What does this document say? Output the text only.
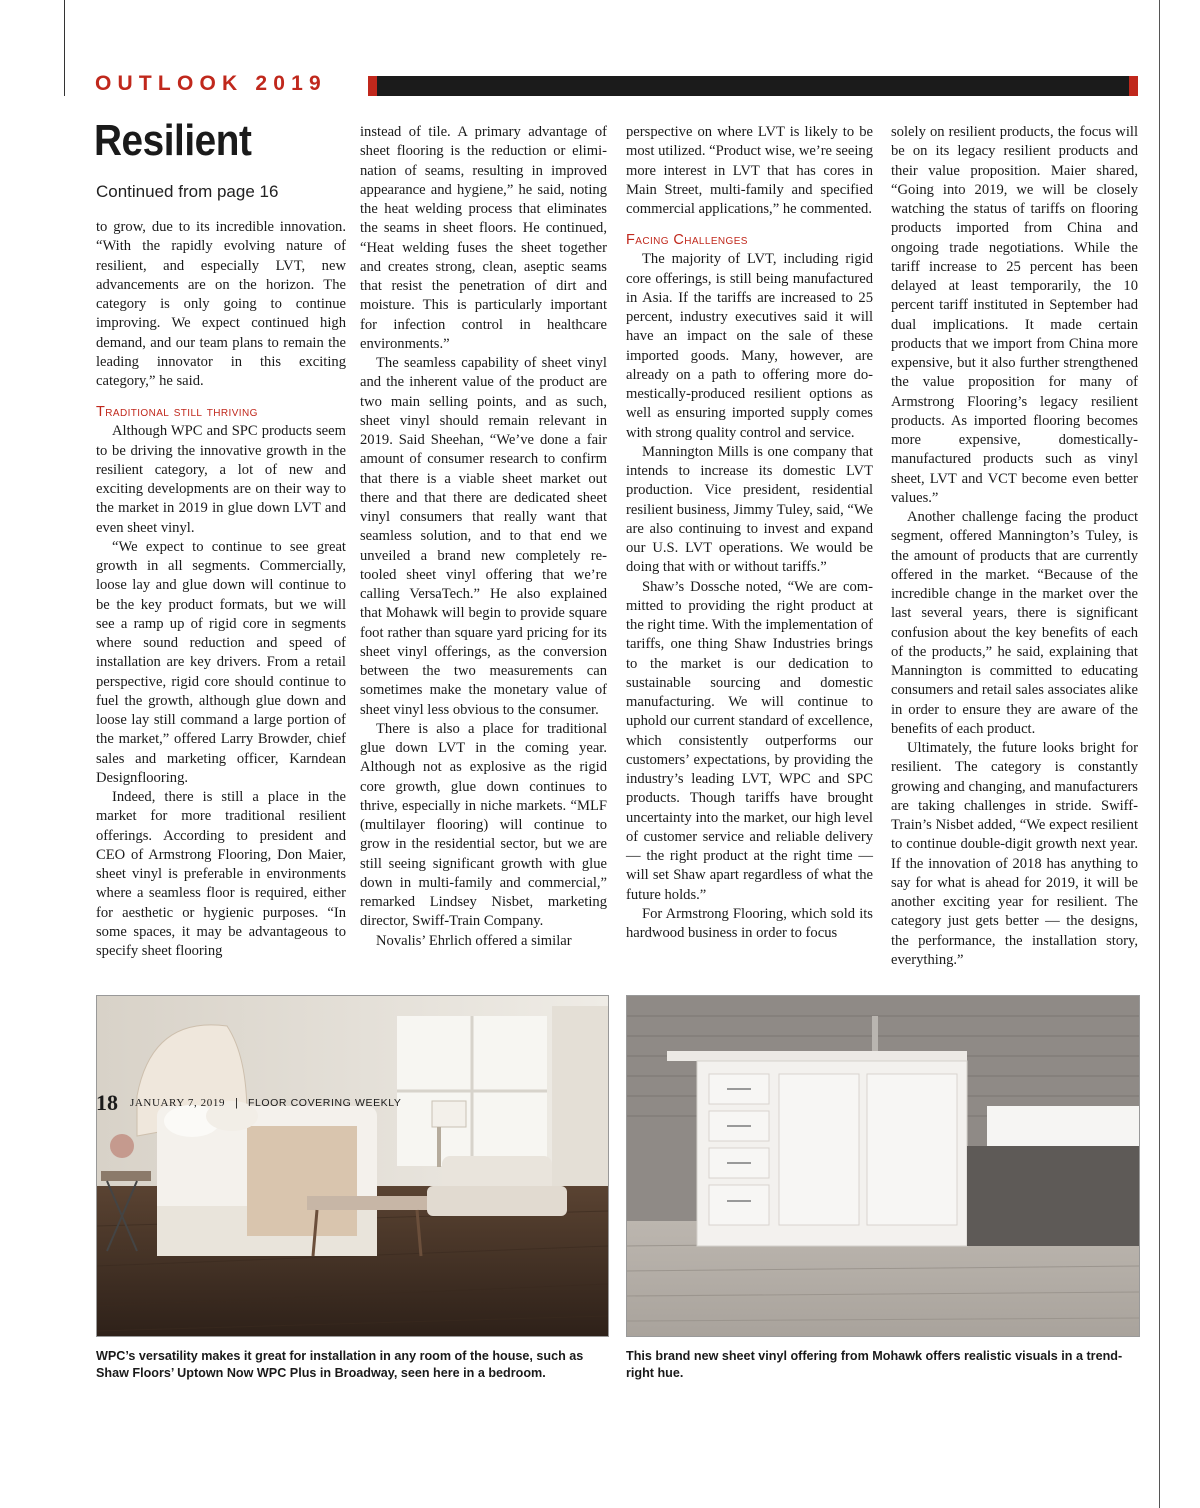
OUTLOOK 2019
Resilient
Continued from page 16

to grow, due to its incredible innovation. “With the rapidly evolving nature of resilient, and especially LVT, new advancements are on the horizon. The category is only going to continue improving. We expect continued high demand, and our team plans to remain the leading innovator in this exciting category,” he said.

Traditional still thriving

Although WPC and SPC products seem to be driving the innovative growth in the resilient category, a lot of new and exciting developments are on their way to the market in 2019 in glue down LVT and even sheet vinyl.

“We expect to continue to see great growth in all segments. Commercially, loose lay and glue down will continue to be the key product formats, but we will see a ramp up of rigid core in segments where sound reduction and speed of installation are key drivers. From a retail perspective, rigid core should continue to fuel the growth, although glue down and loose lay still command a large portion of the market,” offered Larry Browder, chief sales and marketing officer, Karndean Designflooring.

Indeed, there is still a place in the market for more traditional resilient offerings. According to president and CEO of Armstrong Flooring, Don Maier, sheet vinyl is preferable in environments where a seamless floor is required, either for aesthetic or hygienic purposes. “In some spaces, it may be advantageous to specify sheet flooring

instead of tile. A primary advantage of sheet flooring is the reduction or elimination of seams, resulting in improved appearance and hygiene,” he said, noting the heat welding process that eliminates the seams in sheet floors. He continued, “Heat welding fuses the sheet together and creates strong, clean, aseptic seams that resist the penetration of dirt and moisture. This is particularly important for infection control in healthcare environments.”

The seamless capability of sheet vinyl and the inherent value of the product are two main selling points, and as such, sheet vinyl should remain relevant in 2019. Said Sheehan, “We’ve done a fair amount of consumer research to confirm that there is a viable sheet market out there and that there are dedicated sheet vinyl consumers that really want that seamless solution, and to that end we unveiled a brand new completely re-tooled sheet vinyl offering that we’re calling VersaTech.” He also explained that Mohawk will begin to provide square foot rather than square yard pricing for its sheet vinyl offerings, as the conversion between the two measurements can sometimes make the monetary value of sheet vinyl less obvious to the consumer.

There is also a place for traditional glue down LVT in the coming year. Although not as explosive as the rigid core growth, glue down continues to thrive, especially in niche markets. “MLF (multilayer flooring) will continue to grow in the residential sector, but we are still seeing significant growth with glue down in multi-family and commercial,” remarked Lindsey Nisbet, marketing director, Swiff-Train Company.

Novalis’ Ehrlich offered a similar

perspective on where LVT is likely to be most utilized. “Product wise, we’re seeing more interest in LVT that has cores in Main Street, multi-family and specified commercial applications,” he commented.

Facing Challenges

The majority of LVT, including rigid core offerings, is still being manufactured in Asia. If the tariffs are increased to 25 percent, industry executives said it will have an impact on the sale of these imported goods. Many, however, are already on a path to offering more domestically-produced resilient options as well as ensuring imported supply comes with strong quality control and service.

Mannington Mills is one company that intends to increase its domestic LVT production. Vice president, residential resilient business, Jimmy Tuley, said, “We are also continuing to invest and expand our U.S. LVT operations. We would be doing that with or without tariffs.”

Shaw’s Dossche noted, “We are committed to providing the right product at the right time. With the implementation of tariffs, one thing Shaw Industries brings to the market is our dedication to sustainable sourcing and domestic manufacturing. We will continue to uphold our current standard of excellence, which consistently outperforms our customers’ expectations, by providing the industry’s leading LVT, WPC and SPC products. Though tariffs have brought uncertainty into the market, our high level of customer service and reliable delivery — the right product at the right time — will set Shaw apart regardless of what the future holds.”

For Armstrong Flooring, which sold its hardwood business in order to focus

solely on resilient products, the focus will be on its legacy resilient products and their value proposition. Maier shared, “Going into 2019, we will be closely watching the status of tariffs on flooring products imported from China and ongoing trade negotiations. While the tariff increase to 25 percent has been delayed at least temporarily, the 10 percent tariff instituted in September had dual implications. It made certain products that we import from China more expensive, but it also further strengthened the value proposition for many of Armstrong Flooring’s legacy resilient products. As imported flooring becomes more expensive, domestically-manufactured products such as vinyl sheet, LVT and VCT become even better values.”

Another challenge facing the product segment, offered Mannington’s Tuley, is the amount of products that are currently offered in the market. “Because of the incredible change in the market over the last several years, there is significant confusion about the key benefits of each of the products,” he said, explaining that Mannington is committed to educating consumers and retail sales associates alike in order to ensure they are aware of the benefits of each product.

Ultimately, the future looks bright for resilient. The category is constantly growing and changing, and manufacturers are taking challenges in stride. Swiff-Train’s Nisbet added, “We expect resilient to continue double-digit growth next year. If the innovation of 2018 has anything to say for what is ahead for 2019, it will be another exciting year for resilient. The category just gets better — the designs, the performance, the installation story, everything.”

WPC’s versatility makes it great for installation in any room of the house, such as Shaw Floors’ Uptown Now WPC Plus in Broadway, seen here in a bedroom.
This brand new sheet vinyl offering from Mohawk offers realistic visuals in a trend-right hue.
18 JANUARY 7, 2019 | FLOOR COVERING WEEKLY
